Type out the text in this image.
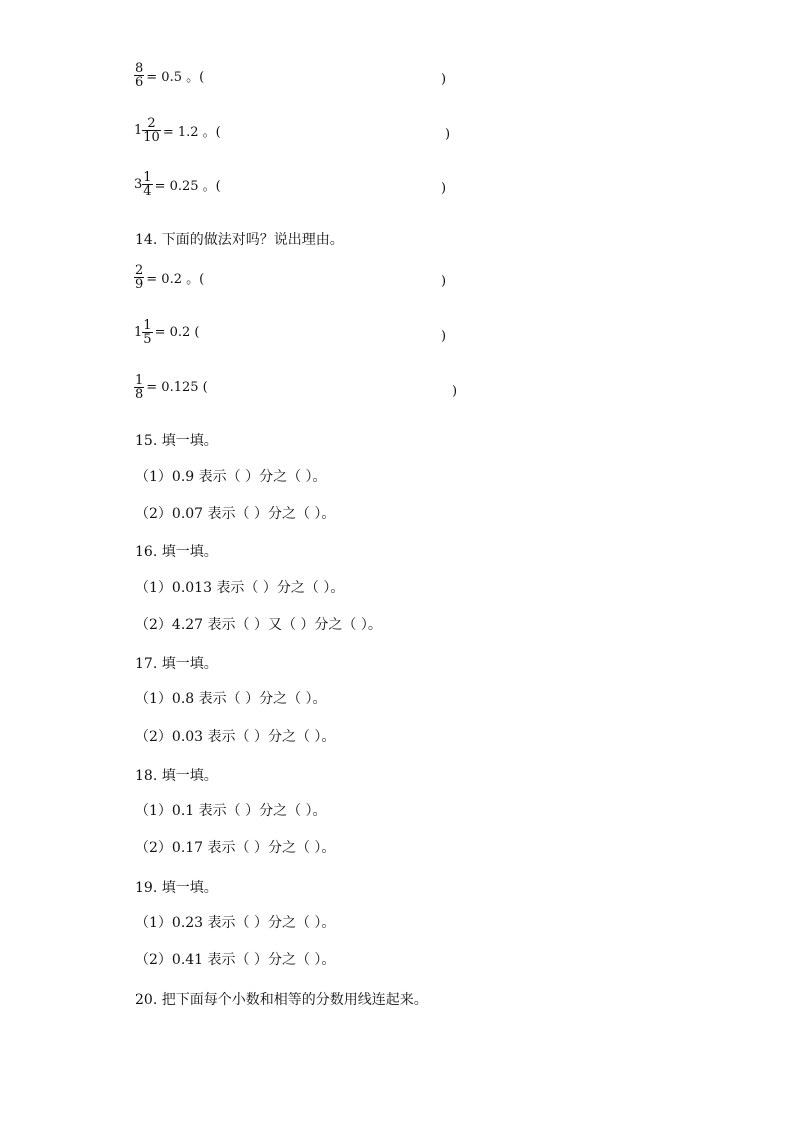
$\frac{8}{6} = 0.5$ 。(	)
$1 \frac{2}{10} = 1.2$ 。(	)
$3 \frac{1}{4} = 0.25$ 。(	)
14. 下面的做法对吗？说出理由。
$\frac{2}{9} = 0.2$ 。(	)
$1 \frac{1}{5} = 0.2$ (	)
$\frac{1}{8} = 0.125$ (	)
15. 填一填。
（1）0.9 表示（ ）分之（ ）。
（2）0.07 表示（ ）分之（ ）。
16. 填一填。
（1）0.013 表示（ ）分之（ ）。
（2）4.27 表示（ ）又（ ）分之（ ）。
17. 填一填。
（1）0.8 表示（ ）分之（ ）。
（2）0.03 表示（ ）分之（ ）。
18. 填一填。
（1）0.1 表示（ ）分之（ ）。
（2）0.17 表示（ ）分之（ ）。
19. 填一填。
（1）0.23 表示（ ）分之（ ）。
（2）0.41 表示（ ）分之（ ）。
20. 把下面每个小数和相等的分数用线连起来。
